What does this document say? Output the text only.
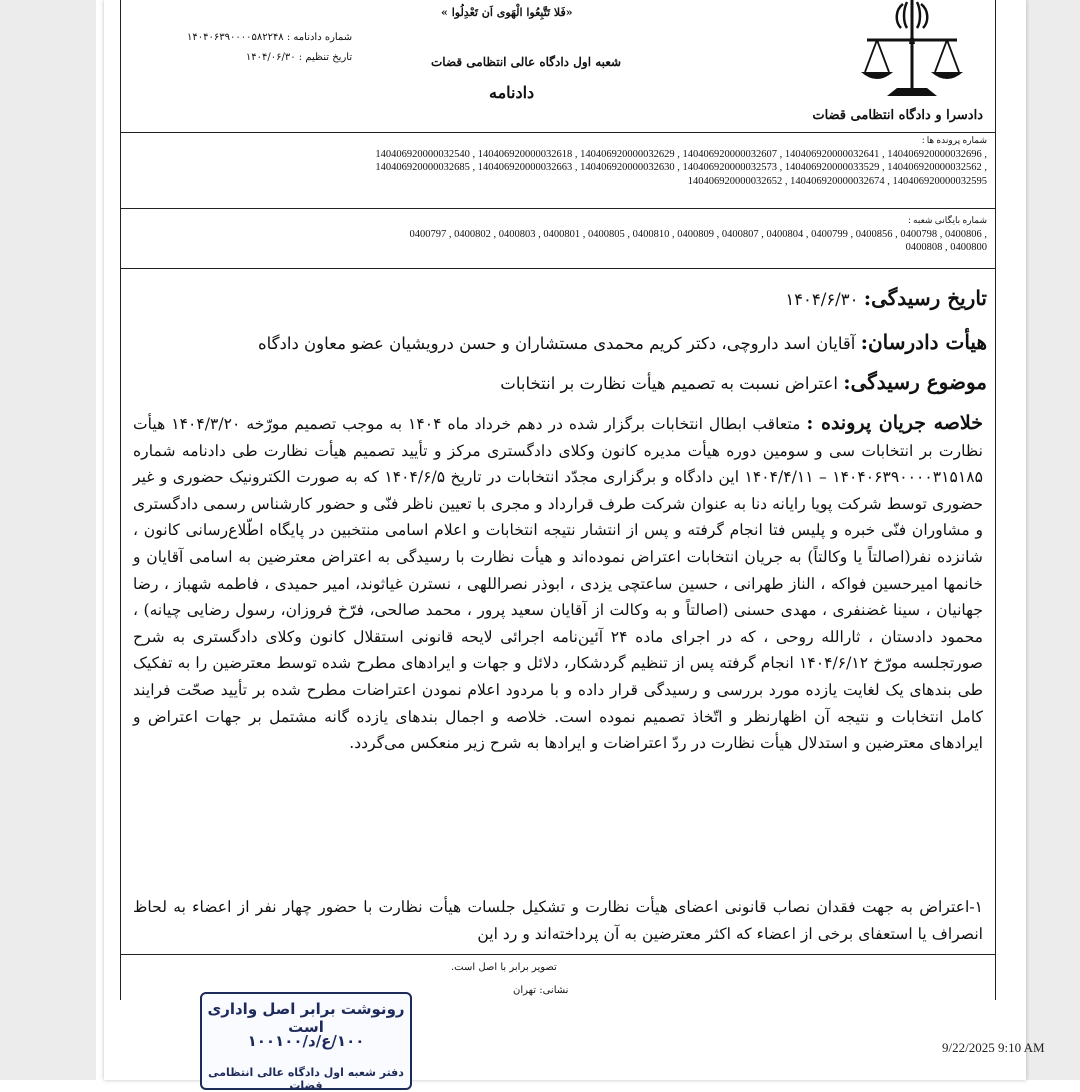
دادسرا و دادگاه انتظامی قضات
«فَلا تَتَّبِعُوا الْهَوی اَن تَعْدِلُوا »
شعبه اول دادگاه عالی انتظامی قضات
دادنامه
شماره دادنامه : ۱۴۰۴۰۶۳۹۰۰۰۰۵۸۲۲۴۸
تاریخ تنظیم : ۱۴۰۴/۰۶/۳۰
شماره پرونده ها :
, 140406920000032696 , 140406920000032641 , 140406920000032607 , 140406920000032629 , 140406920000032618 , 140406920000032540
, 140406920000032562 , 140406920000033529 , 140406920000032573 , 140406920000032630 , 140406920000032663 , 140406920000032685
140406920000032595 , 140406920000032674 , 140406920000032652
شماره بایگانی شعبه :
, 0400806 , 0400798 , 0400856 , 0400799 , 0400804 , 0400807 , 0400809 , 0400810 , 0400805 , 0400801 , 0400803 , 0400802 , 0400797
0400800 , 0400808
تاریخ رسیدگی: ۱۴۰۴/۶/۳۰
هیأت دادرسان: آقایان اسد داروچی، دکتر کریم محمدی مستشاران و حسن درویشیان عضو معاون دادگاه
موضوع رسیدگی: اعتراض نسبت به تصمیم هیأت نظارت بر انتخابات
خلاصه جریان پرونده : متعاقب ابطال انتخابات برگزار شده در دهم خرداد ماه ۱۴۰۴ به موجب تصمیم مورّخه ۱۴۰۴/۳/۲۰ هیأت نظارت بر انتخابات سی و سومین دوره هیأت مدیره کانون وکلای دادگستری مرکز و تأیید تصمیم هیأت نظارت طی دادنامه شماره ۱۴۰۴۰۶۳۹۰۰۰۰۳۱۵۱۸۵ – ۱۴۰۴/۴/۱۱ این دادگاه و برگزاری مجدّد انتخابات در تاریخ ۱۴۰۴/۶/۵ که به صورت الکترونیک حضوری و غیر حضوری توسط شرکت پویا رایانه دنا به عنوان شرکت طرف قرارداد و مجری با تعیین ناظر فنّی و حضور کارشناس رسمی دادگستری و مشاوران فنّی خبره و پلیس فتا انجام گرفته و پس از انتشار نتیجه انتخابات و اعلام اسامی منتخبین در پایگاه اطّلاع‌رسانی کانون ، شانزده نفر(اصالتاً یا وکالتاً) به جریان انتخابات اعتراض نموده‌اند و هیأت نظارت با رسیدگی به اعتراض معترضین به اسامی آقایان و خانمها امیرحسین فواکه ، الناز طهرانی ، حسین ساعتچی یزدی ، ابوذر نصراللهی ، نسترن غیاثوند، امیر حمیدی ، فاطمه شهباز ، رضا جهانیان ، سینا غضنفری ، مهدی حسنی (اصالتاً و به وکالت از آقایان سعید پرور ، محمد صالحی، فرّخ فروزان، رسول رضایی چیانه) ، محمود دادستان ، ثارالله روحی ، که در اجرای ماده ۲۴ آئین‌نامه اجرائی لایحه قانونی استقلال کانون وکلای دادگستری به شرح صورتجلسه مورّخ ۱۴۰۴/۶/۱۲ انجام گرفته پس از تنظیم گردشکار، دلائل و جهات و ایرادهای مطرح شده توسط معترضین را به تفکیک طی بندهای یک لغایت یازده مورد بررسی و رسیدگی قرار داده و با مردود اعلام نمودن اعتراضات مطرح شده بر تأیید صحّت فرایند کامل انتخابات و نتیجه آن اظهارنظر و اتّخاذ تصمیم نموده است. خلاصه و اجمال بندهای یازده گانه مشتمل بر جهات اعتراض و ایرادهای معترضین و استدلال هیأت نظارت در ردّ اعتراضات و ایرادها به شرح زیر منعکس می‌گردد.
۱-اعتراض به جهت فقدان نصاب قانونی اعضای هیأت نظارت و تشکیل جلسات هیأت نظارت با حضور چهار نفر از اعضاء به لحاظ انصراف یا استعفای برخی از اعضاء که اکثر معترضین به آن پرداخته‌اند و رد این
تصویر برابر با اصل است.
نشانی: تهران
9/22/2025 9:10 AM
رونوشت برابر اصل واداری است
۱۰۰/ع/د/۱۰۰۱۰۰
دفتر شعبه اول دادگاه عالی انتظامی قضات
